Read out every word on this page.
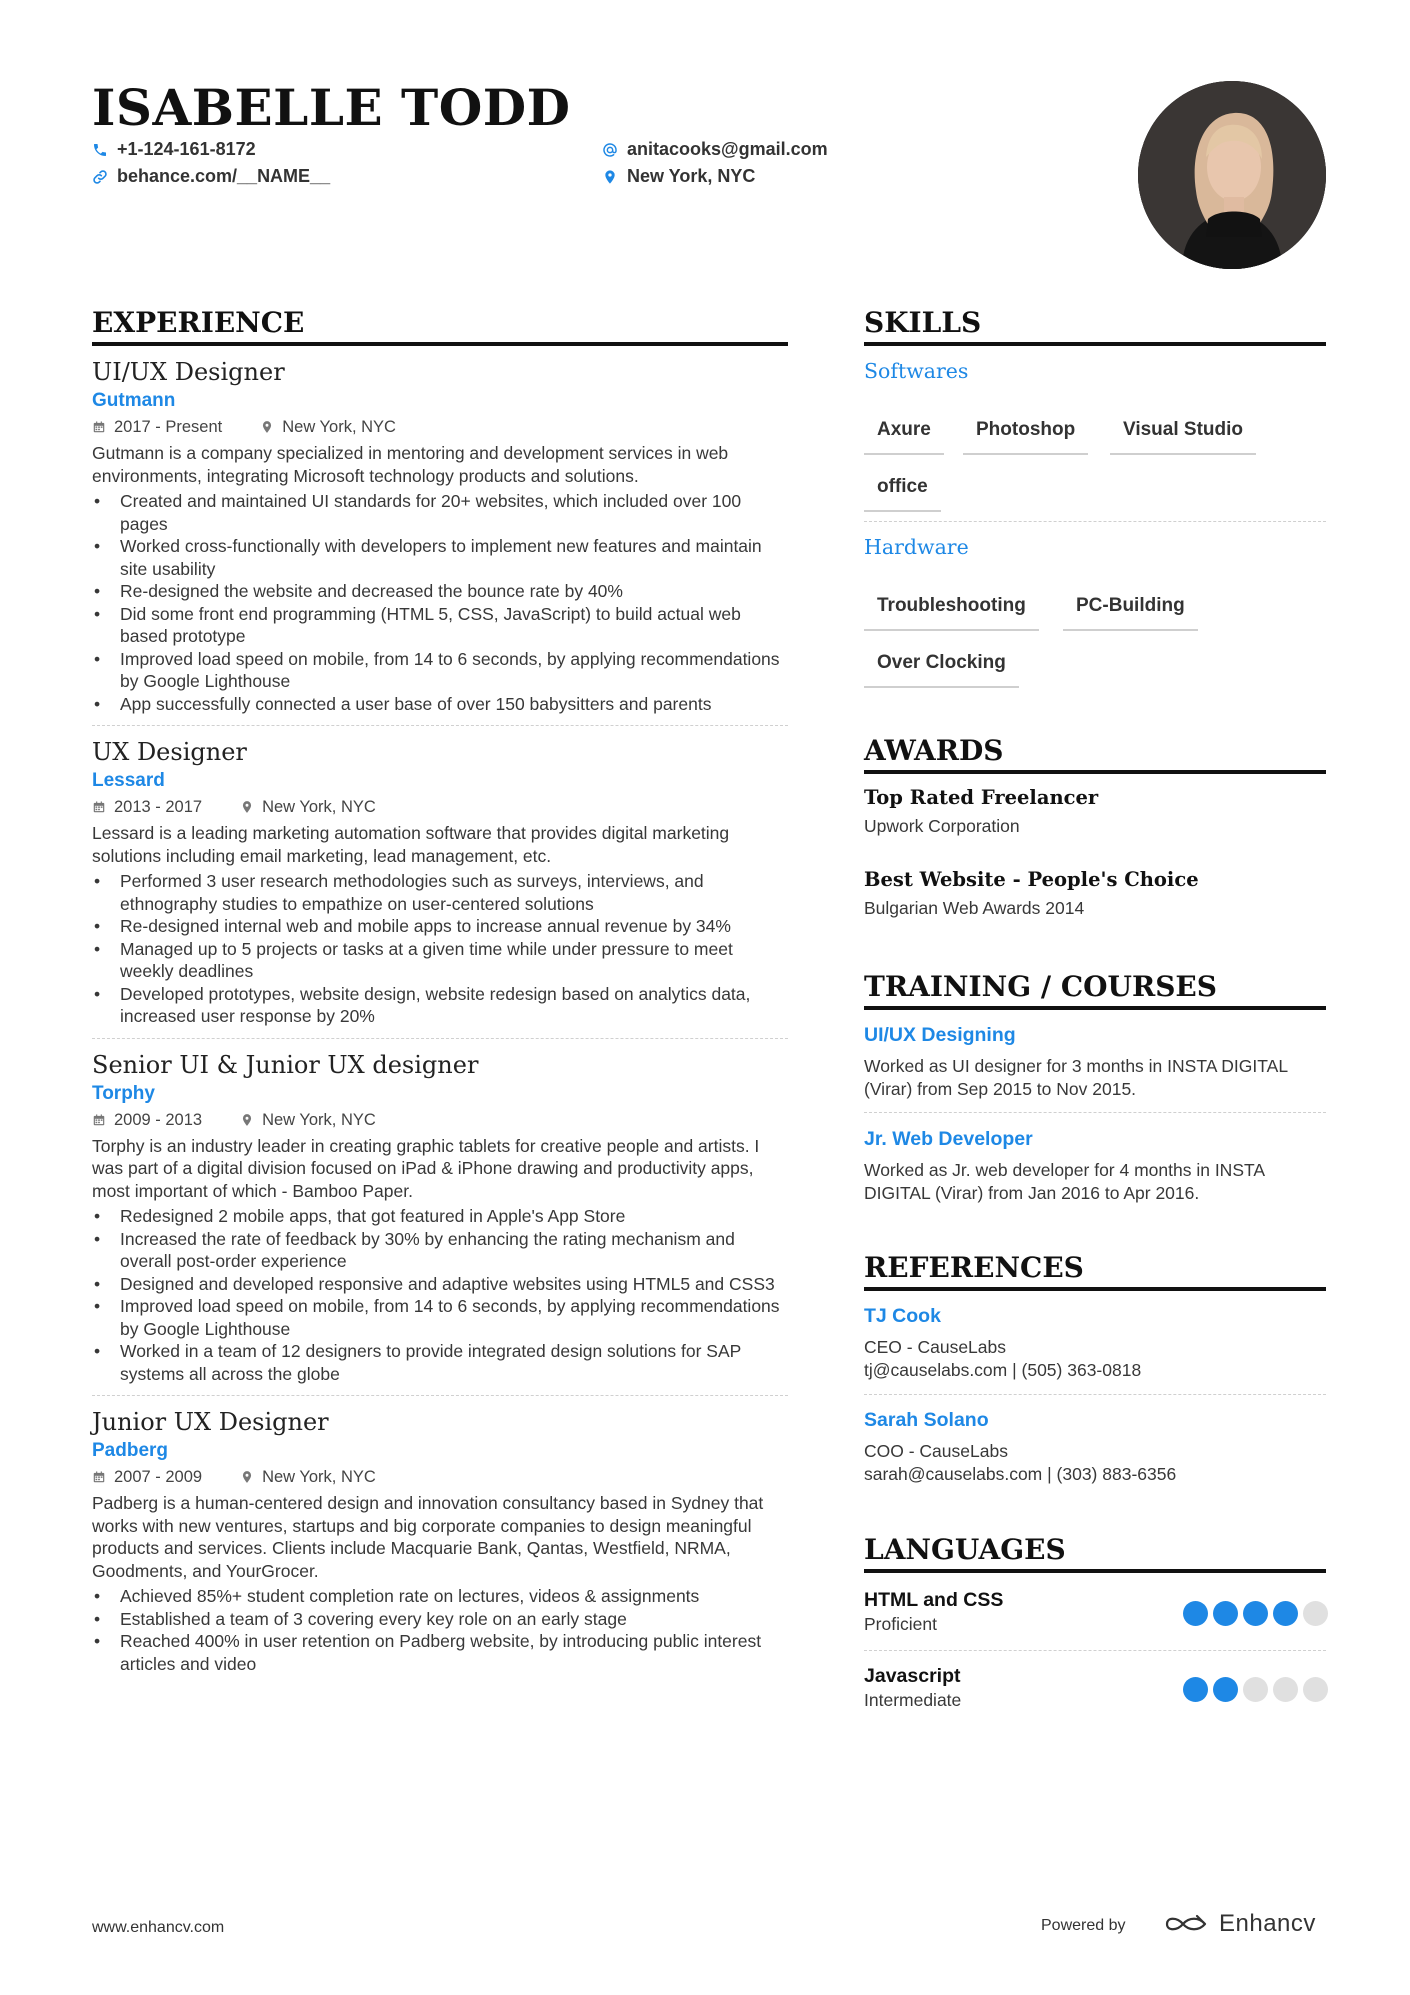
ISABELLE TODD
+1-124-161-8172
behance.com/__NAME__
anitacooks@gmail.com
New York, NYC
EXPERIENCE
UI/UX Designer
Gutmann
2017 - Present	New York, NYC
Gutmann is a company specialized in mentoring and development services in web environments, integrating Microsoft technology products and solutions.
• Created and maintained UI standards for 20+ websites, which included over 100 pages
• Worked cross-functionally with developers to implement new features and maintain site usability
• Re-designed the website and decreased the bounce rate by 40%
• Did some front end programming (HTML 5, CSS, JavaScript) to build actual web based prototype
• Improved load speed on mobile, from 14 to 6 seconds, by applying recommendations by Google Lighthouse
• App successfully connected a user base of over 150 babysitters and parents
UX Designer
Lessard
2013 - 2017	New York, NYC
Lessard is a leading marketing automation software that provides digital marketing solutions including email marketing, lead management, etc.
• Performed 3 user research methodologies such as surveys, interviews, and ethnography studies to empathize on user-centered solutions
• Re-designed internal web and mobile apps to increase annual revenue by 34%
• Managed up to 5 projects or tasks at a given time while under pressure to meet weekly deadlines
• Developed prototypes, website design, website redesign based on analytics data, increased user response by 20%
Senior UI & Junior UX designer
Torphy
2009 - 2013	New York, NYC
Torphy is an industry leader in creating graphic tablets for creative people and artists. I was part of a digital division focused on iPad & iPhone drawing and productivity apps, most important of which - Bamboo Paper.
• Redesigned 2 mobile apps, that got featured in Apple's App Store
• Increased the rate of feedback by 30% by enhancing the rating mechanism and overall post-order experience
• Designed and developed responsive and adaptive websites using HTML5 and CSS3
• Improved load speed on mobile, from 14 to 6 seconds, by applying recommendations by Google Lighthouse
• Worked in a team of 12 designers to provide integrated design solutions for SAP systems all across the globe
Junior UX Designer
Padberg
2007 - 2009	New York, NYC
Padberg is a human-centered design and innovation consultancy based in Sydney that works with new ventures, startups and big corporate companies to design meaningful products and services. Clients include Macquarie Bank, Qantas, Westfield, NRMA, Goodments, and YourGrocer.
• Achieved 85%+ student completion rate on lectures, videos & assignments
• Established a team of 3 covering every key role on an early stage
• Reached 400% in user retention on Padberg website, by introducing public interest articles and video
SKILLS
Softwares
Axure	Photoshop	Visual Studio
office
Hardware
Troubleshooting	PC-Building
Over Clocking
AWARDS
Top Rated Freelancer
Upwork Corporation
Best Website - People's Choice
Bulgarian Web Awards 2014
TRAINING / COURSES
UI/UX Designing
Worked as UI designer for 3 months in INSTA DIGITAL (Virar) from Sep 2015 to Nov 2015.
Jr. Web Developer
Worked as Jr. web developer for 4 months in INSTA DIGITAL (Virar) from Jan 2016 to Apr 2016.
REFERENCES
TJ Cook
CEO - CauseLabs
tj@causelabs.com | (505) 363-0818
Sarah Solano
COO - CauseLabs
sarah@causelabs.com | (303) 883-6356
LANGUAGES
HTML and CSS
Proficient
Javascript
Intermediate
www.enhancv.com	Powered by	Enhancv
